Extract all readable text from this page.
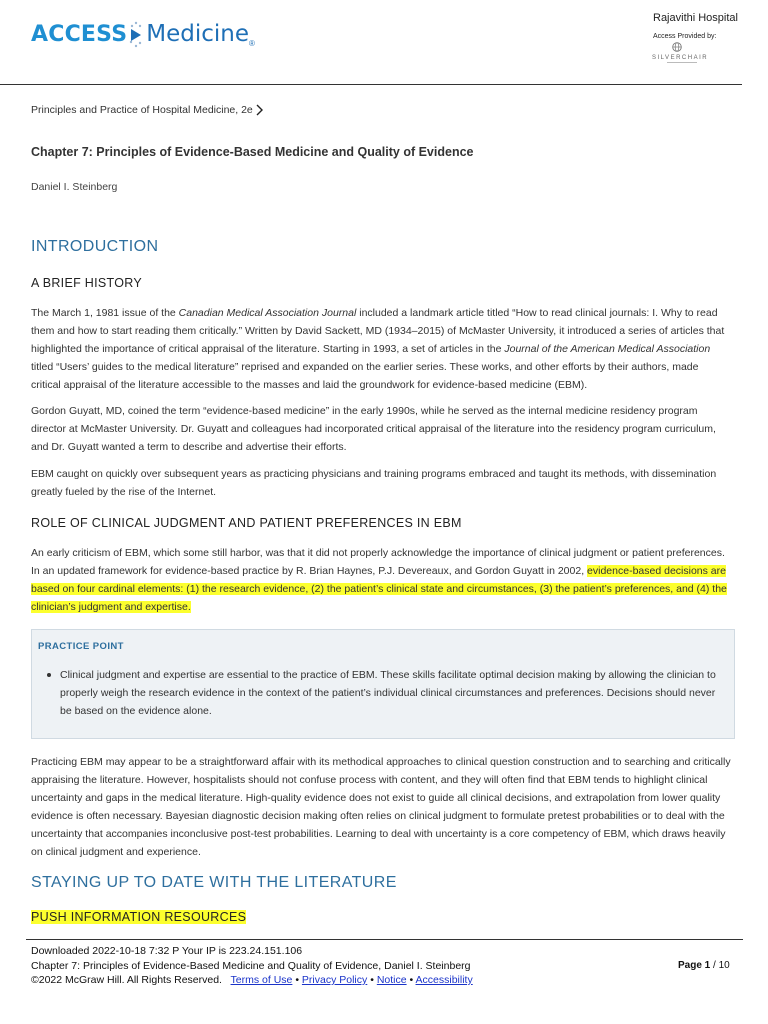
ACCESS Medicine ®
Rajavithi Hospital
Access Provided by:
SILVERCHAIR
Principles and Practice of Hospital Medicine, 2e
Chapter 7: Principles of Evidence-Based Medicine and Quality of Evidence
Daniel I. Steinberg
INTRODUCTION
A BRIEF HISTORY

The March 1, 1981 issue of the Canadian Medical Association Journal included a landmark article titled “How to read clinical journals: I. Why to read them and how to start reading them critically.” Written by David Sackett, MD (1934–2015) of McMaster University, it introduced a series of articles that highlighted the importance of critical appraisal of the literature. Starting in 1993, a set of articles in the Journal of the American Medical Association titled “Users’ guides to the medical literature” reprised and expanded on the earlier series. These works, and other efforts by their authors, made critical appraisal of the literature accessible to the masses and laid the groundwork for evidence-based medicine (EBM).

Gordon Guyatt, MD, coined the term “evidence-based medicine” in the early 1990s, while he served as the internal medicine residency program director at McMaster University. Dr. Guyatt and colleagues had incorporated critical appraisal of the literature into the residency program curriculum, and Dr. Guyatt wanted a term to describe and advertise their efforts.

EBM caught on quickly over subsequent years as practicing physicians and training programs embraced and taught its methods, with dissemination greatly fueled by the rise of the Internet.

ROLE OF CLINICAL JUDGMENT AND PATIENT PREFERENCES IN EBM

An early criticism of EBM, which some still harbor, was that it did not properly acknowledge the importance of clinical judgment or patient preferences. In an updated framework for evidence-based practice by R. Brian Haynes, P.J. Devereaux, and Gordon Guyatt in 2002, evidence-based decisions are based on four cardinal elements: (1) the research evidence, (2) the patient’s clinical state and circumstances, (3) the patient’s preferences, and (4) the clinician’s judgment and expertise.

PRACTICE POINT
Clinical judgment and expertise are essential to the practice of EBM. These skills facilitate optimal decision making by allowing the clinician to properly weigh the research evidence in the context of the patient’s individual clinical circumstances and preferences. Decisions should never be based on the evidence alone.

Practicing EBM may appear to be a straightforward affair with its methodical approaches to clinical question construction and to searching and critically appraising the literature. However, hospitalists should not confuse process with content, and they will often find that EBM tends to highlight clinical uncertainty and gaps in the medical literature. High-quality evidence does not exist to guide all clinical decisions, and extrapolation from lower quality evidence is often necessary. Bayesian diagnostic decision making often relies on clinical judgment to formulate pretest probabilities or to deal with the uncertainty that accompanies inconclusive post-test probabilities. Learning to deal with uncertainty is a core competency of EBM, which draws heavily on clinical judgment and experience.

STAYING UP TO DATE WITH THE LITERATURE
PUSH INFORMATION RESOURCES
Downloaded 2022-10-18 7:32 P Your IP is 223.24.151.106
Chapter 7: Principles of Evidence-Based Medicine and Quality of Evidence, Daniel I. Steinberg
©2022 McGraw Hill. All Rights Reserved. Terms of Use • Privacy Policy • Notice • Accessibility
Page 1 / 10
